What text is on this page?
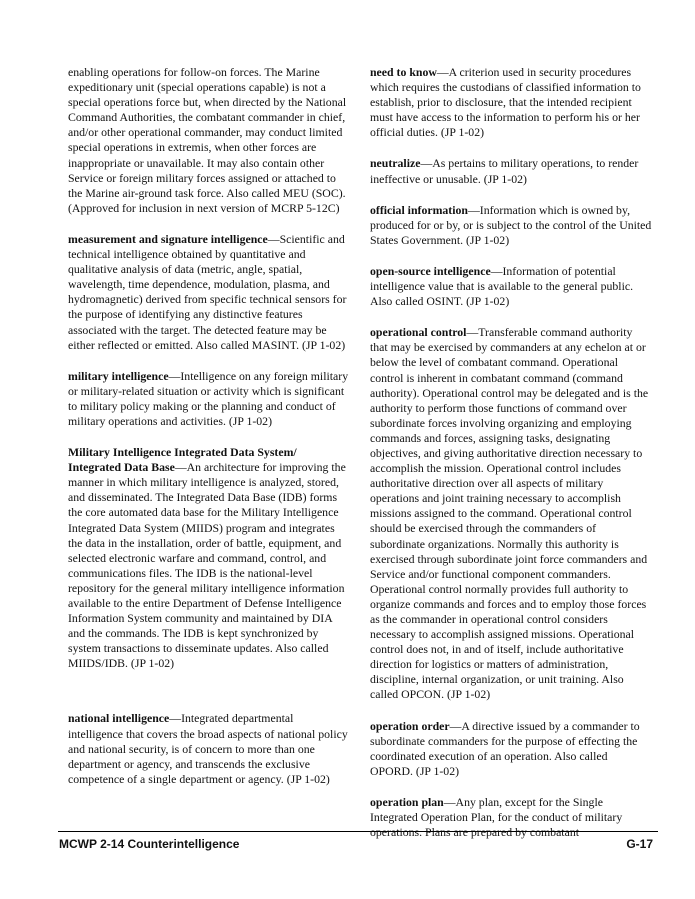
enabling operations for follow-on forces. The Marine expeditionary unit (special operations capable) is not a special operations force but, when directed by the National Command Authorities, the combatant commander in chief, and/or other operational commander, may conduct limited special operations in extremis, when other forces are inappropriate or unavailable. It may also contain other Service or foreign military forces assigned or attached to the Marine air-ground task force. Also called MEU (SOC). (Approved for inclusion in next version of MCRP 5-12C)

measurement and signature intelligence—Scientific and technical intelligence obtained by quantitative and qualitative analysis of data (metric, angle, spatial, wavelength, time dependence, modulation, plasma, and hydromagnetic) derived from specific technical sensors for the purpose of identifying any distinctive features associated with the target. The detected feature may be either reflected or emitted. Also called MASINT. (JP 1-02)

military intelligence—Intelligence on any foreign military or military-related situation or activity which is significant to military policy making or the planning and conduct of military operations and activities. (JP 1-02)

Military Intelligence Integrated Data System/ Integrated Data Base—An architecture for improving the manner in which military intelligence is analyzed, stored, and disseminated. The Integrated Data Base (IDB) forms the core automated data base for the Military Intelligence Integrated Data System (MIIDS) program and integrates the data in the installation, order of battle, equipment, and selected electronic warfare and command, control, and communications files. The IDB is the national-level repository for the general military intelligence information available to the entire Department of Defense Intelligence Information System community and maintained by DIA and the commands. The IDB is kept synchronized by system transactions to disseminate updates. Also called MIIDS/IDB. (JP 1-02)

national intelligence—Integrated departmental intelligence that covers the broad aspects of national policy and national security, is of concern to more than one department or agency, and transcends the exclusive competence of a single department or agency. (JP 1-02)

need to know—A criterion used in security procedures which requires the custodians of classified information to establish, prior to disclosure, that the intended recipient must have access to the information to perform his or her official duties. (JP 1-02)

neutralize—As pertains to military operations, to render ineffective or unusable. (JP 1-02)

official information—Information which is owned by, produced for or by, or is subject to the control of the United States Government. (JP 1-02)

open-source intelligence—Information of potential intelligence value that is available to the general public. Also called OSINT. (JP 1-02)

operational control—Transferable command authority that may be exercised by commanders at any echelon at or below the level of combatant command. Operational control is inherent in combatant command (command authority). Operational control may be delegated and is the authority to perform those functions of command over subordinate forces involving organizing and employing commands and forces, assigning tasks, designating objectives, and giving authoritative direction necessary to accomplish the mission. Operational control includes authoritative direction over all aspects of military operations and joint training necessary to accomplish missions assigned to the command. Operational control should be exercised through the commanders of subordinate organizations. Normally this authority is exercised through subordinate joint force commanders and Service and/or functional component commanders. Operational control normally provides full authority to organize commands and forces and to employ those forces as the commander in operational control considers necessary to accomplish assigned missions. Operational control does not, in and of itself, include authoritative direction for logistics or matters of administration, discipline, internal organization, or unit training. Also called OPCON. (JP 1-02)

operation order—A directive issued by a commander to subordinate commanders for the purpose of effecting the coordinated execution of an operation. Also called OPORD. (JP 1-02)

operation plan—Any plan, except for the Single Integrated Operation Plan, for the conduct of military operations. Plans are prepared by combatant

MCWP 2-14 Counterintelligence	G-17
